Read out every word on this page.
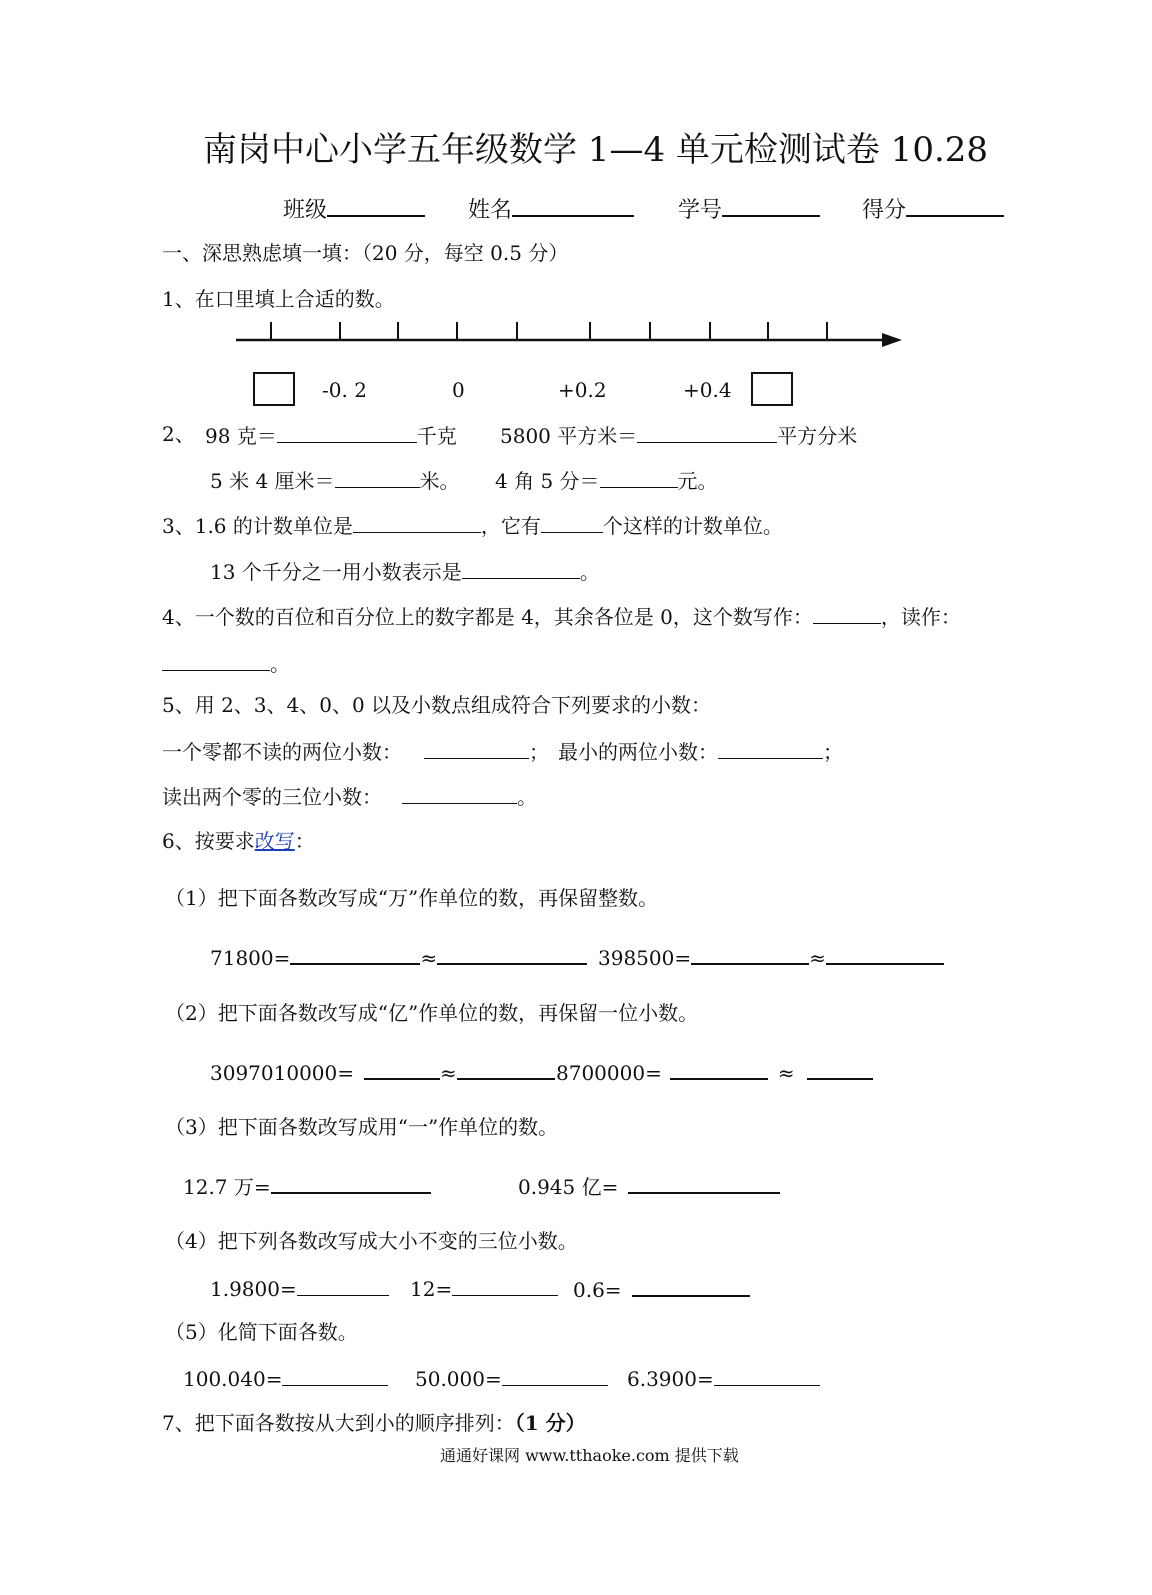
南岗中心小学五年级数学 1—4 单元检测试卷 10.28
班级	姓名	学号	得分
一、深思熟虑填一填：（20 分，每空 0.5 分）
1、在口里填上合适的数。
-0. 2	0	+0.2	+0.4
2、 98 克＝	千克 5800 平方米＝	平方分米
5 米 4 厘米＝	米。 4 角 5 分＝	元。
3、1.6 的计数单位是	，它有	个这样的计数单位。
13 个千分之一用小数表示是	。
4、一个数的百位和百分位上的数字都是 4，其余各位是 0，这个数写作：	，读作：
。
5、用 2、3、4、0、0 以及小数点组成符合下列要求的小数：
一个零都不读的两位小数：	； 最小的两位小数：	；
读出两个零的三位小数：	。
6、按要求改写：
（1）把下面各数改写成“万”作单位的数，再保留整数。
71800=	≈	398500=	≈
（2）把下面各数改写成“亿”作单位的数，再保留一位小数。
3097010000=	≈	8700000=	≈
（3）把下面各数改写成用“一”作单位的数。
12.7 万=	0.945 亿=
（4）把下列各数改写成大小不变的三位小数。
1.9800=	12=	0.6=
（5）化简下面各数。
100.040=	50.000=	6.3900=
7、把下面各数按从大到小的顺序排列：（1 分）
通通好课网 www.tthaoke.com 提供下载
